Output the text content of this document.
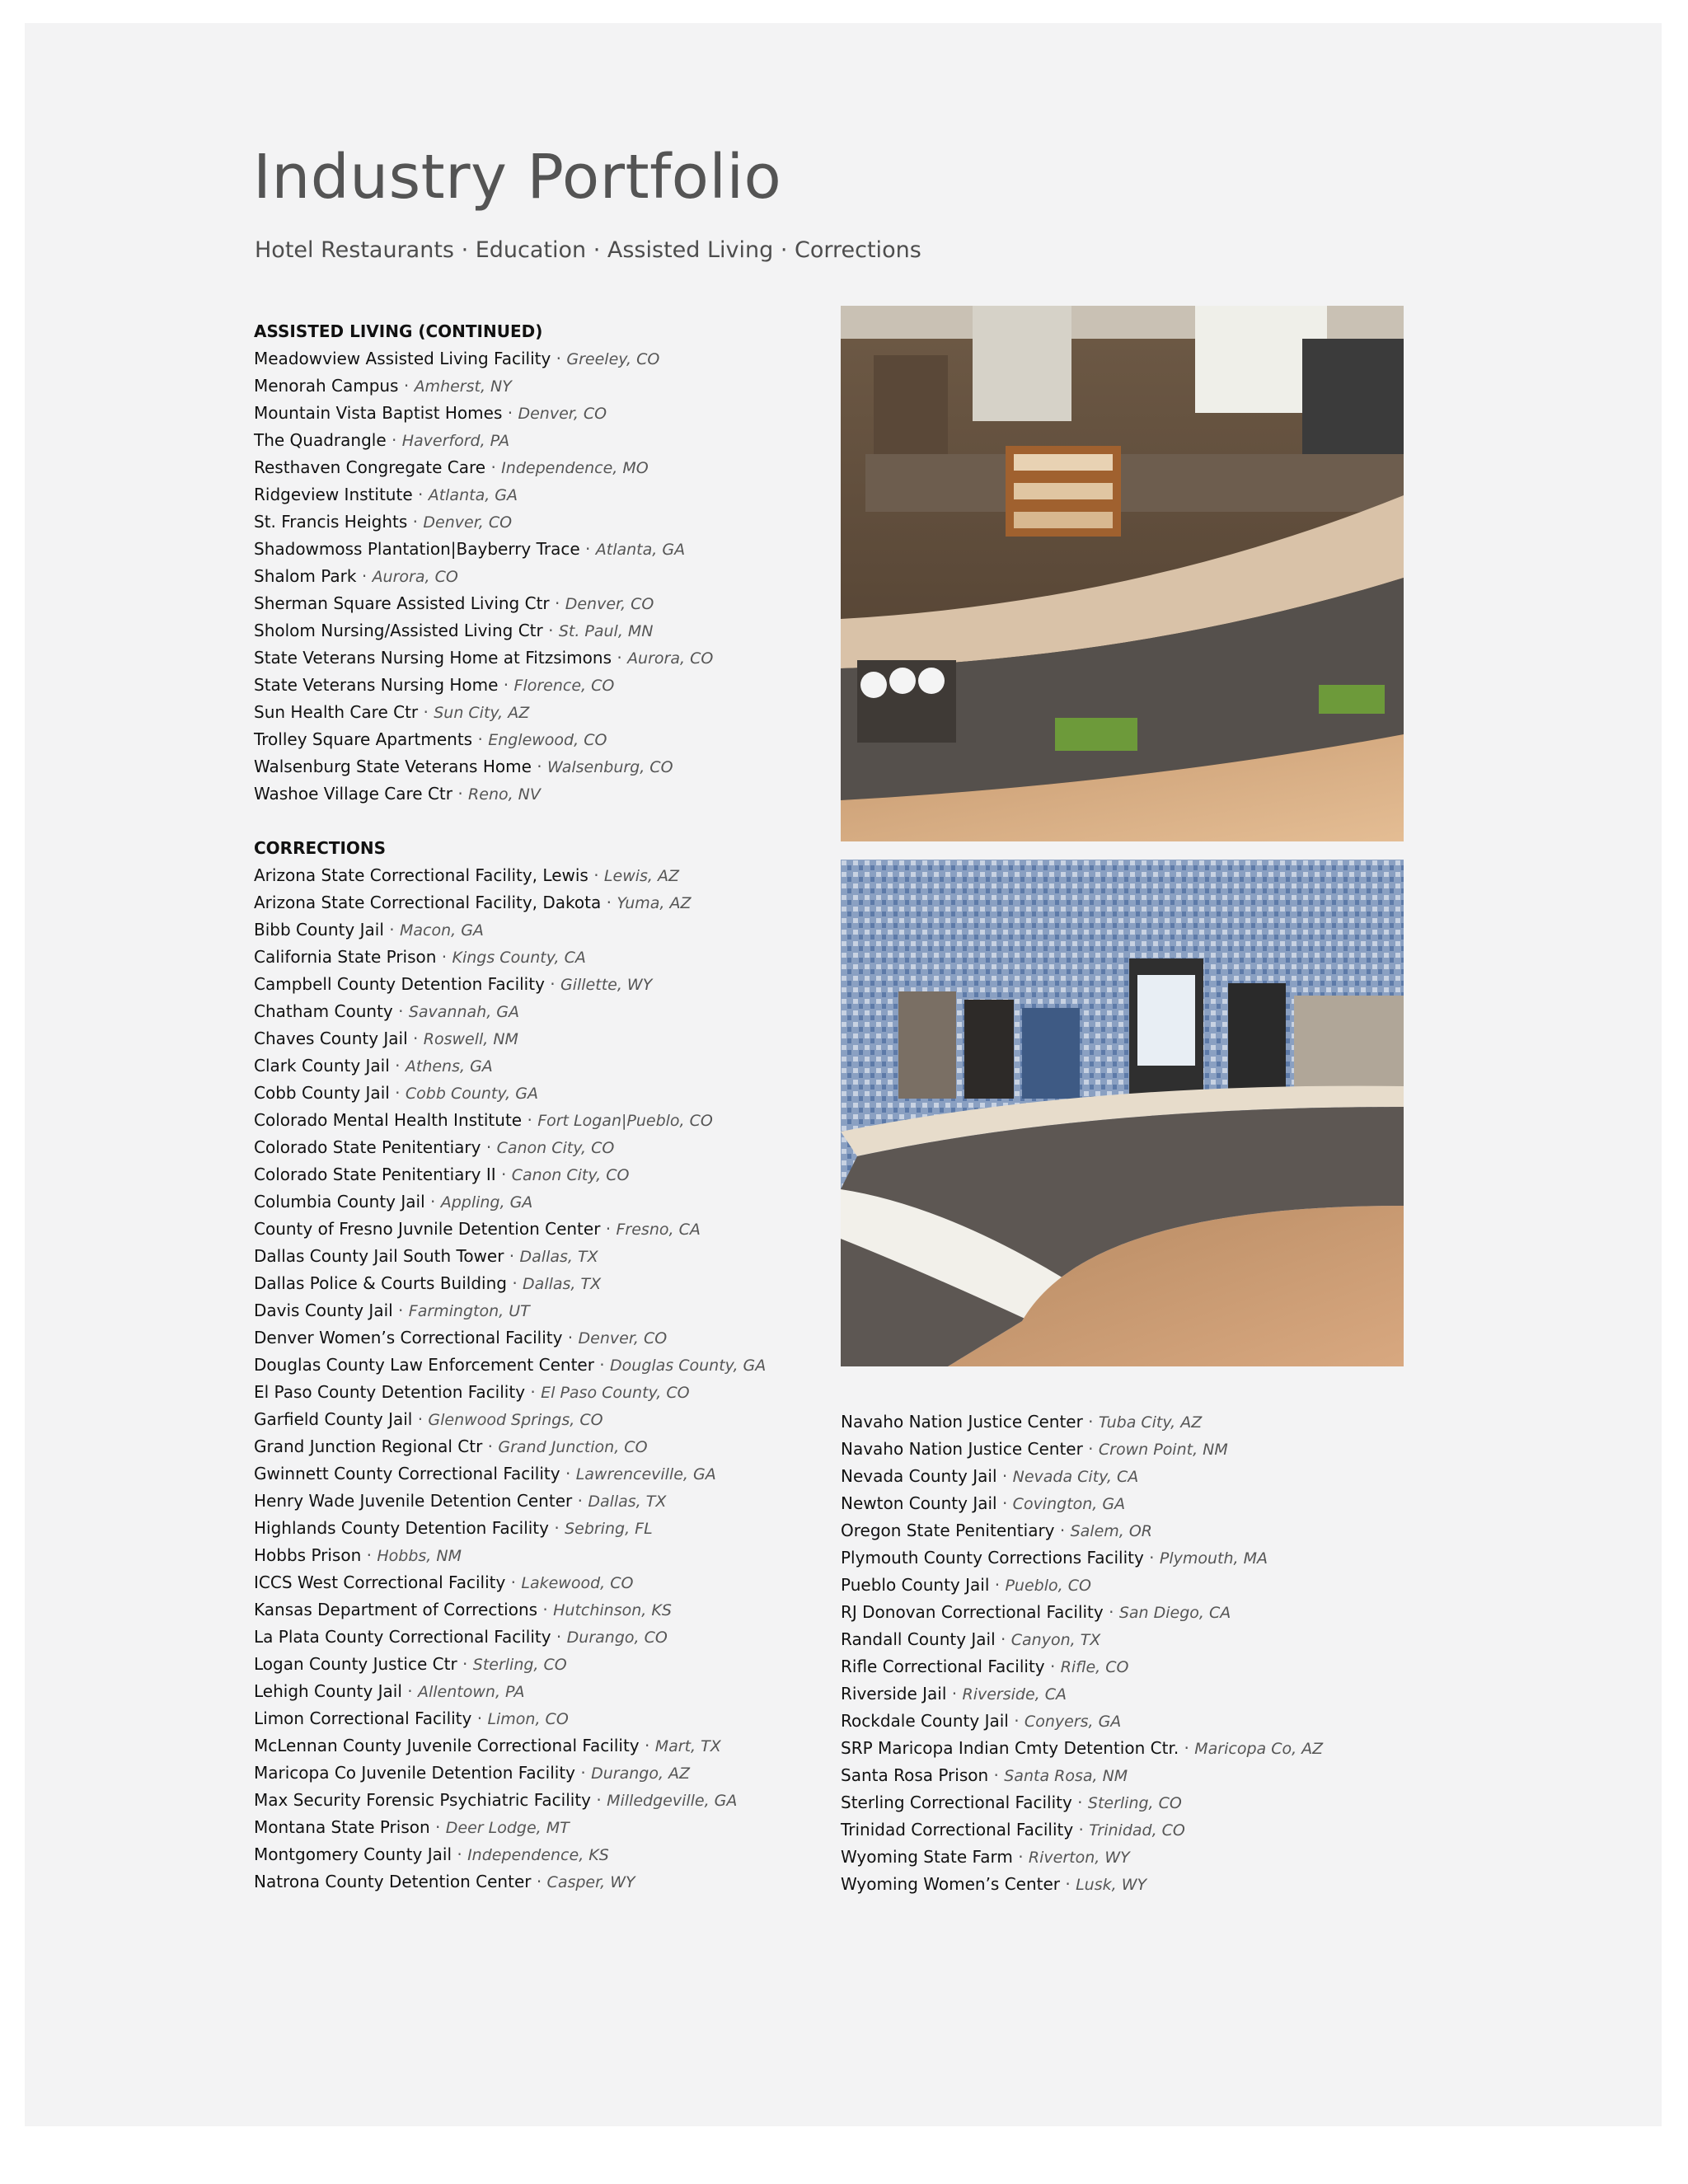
Industry Portfolio

Hotel Restaurants · Education · Assisted Living · Corrections

ASSISTED LIVING (CONTINUED)
Meadowview Assisted Living Facility · Greeley, CO
Menorah Campus · Amherst, NY
Mountain Vista Baptist Homes · Denver, CO
The Quadrangle · Haverford, PA
Resthaven Congregate Care · Independence, MO
Ridgeview Institute · Atlanta, GA
St. Francis Heights · Denver, CO
Shadowmoss Plantation|Bayberry Trace · Atlanta, GA
Shalom Park · Aurora, CO
Sherman Square Assisted Living Ctr · Denver, CO
Sholom Nursing/Assisted Living Ctr · St. Paul, MN
State Veterans Nursing Home at Fitzsimons · Aurora, CO
State Veterans Nursing Home · Florence, CO
Sun Health Care Ctr · Sun City, AZ
Trolley Square Apartments · Englewood, CO
Walsenburg State Veterans Home · Walsenburg, CO
Washoe Village Care Ctr · Reno, NV
CORRECTIONS
Arizona State Correctional Facility, Lewis · Lewis, AZ
Arizona State Correctional Facility, Dakota · Yuma, AZ
Bibb County Jail · Macon, GA
California State Prison · Kings County, CA
Campbell County Detention Facility · Gillette, WY
Chatham County · Savannah, GA
Chaves County Jail · Roswell, NM
Clark County Jail · Athens, GA
Cobb County Jail · Cobb County, GA
Colorado Mental Health Institute · Fort Logan|Pueblo, CO
Colorado State Penitentiary · Canon City, CO
Colorado State Penitentiary II · Canon City, CO
Columbia County Jail · Appling, GA
County of Fresno Juvnile Detention Center · Fresno, CA
Dallas County Jail South Tower · Dallas, TX
Dallas Police & Courts Building · Dallas, TX
Davis County Jail · Farmington, UT
Denver Women’s Correctional Facility · Denver, CO
Douglas County Law Enforcement Center · Douglas County, GA
El Paso County Detention Facility · El Paso County, CO
Garfield County Jail · Glenwood Springs, CO
Grand Junction Regional Ctr · Grand Junction, CO
Gwinnett County Correctional Facility · Lawrenceville, GA
Henry Wade Juvenile Detention Center · Dallas, TX
Highlands County Detention Facility · Sebring, FL
Hobbs Prison · Hobbs, NM
ICCS West Correctional Facility · Lakewood, CO
Kansas Department of Corrections · Hutchinson, KS
La Plata County Correctional Facility · Durango, CO
Logan County Justice Ctr · Sterling, CO
Lehigh County Jail · Allentown, PA
Limon Correctional Facility · Limon, CO
McLennan County Juvenile Correctional Facility · Mart, TX
Maricopa Co Juvenile Detention Facility · Durango, AZ
Max Security Forensic Psychiatric Facility · Milledgeville, GA
Montana State Prison · Deer Lodge, MT
Montgomery County Jail · Independence, KS
Natrona County Detention Center · Casper, WY
Navaho Nation Justice Center · Tuba City, AZ
Navaho Nation Justice Center · Crown Point, NM
Nevada County Jail · Nevada City, CA
Newton County Jail · Covington, GA
Oregon State Penitentiary · Salem, OR
Plymouth County Corrections Facility · Plymouth, MA
Pueblo County Jail · Pueblo, CO
RJ Donovan Correctional Facility · San Diego, CA
Randall County Jail · Canyon, TX
Rifle Correctional Facility · Rifle, CO
Riverside Jail · Riverside, CA
Rockdale County Jail · Conyers, GA
SRP Maricopa Indian Cmty Detention Ctr. · Maricopa Co, AZ
Santa Rosa Prison · Santa Rosa, NM
Sterling Correctional Facility · Sterling, CO
Trinidad Correctional Facility · Trinidad, CO
Wyoming State Farm · Riverton, WY
Wyoming Women’s Center · Lusk, WY
